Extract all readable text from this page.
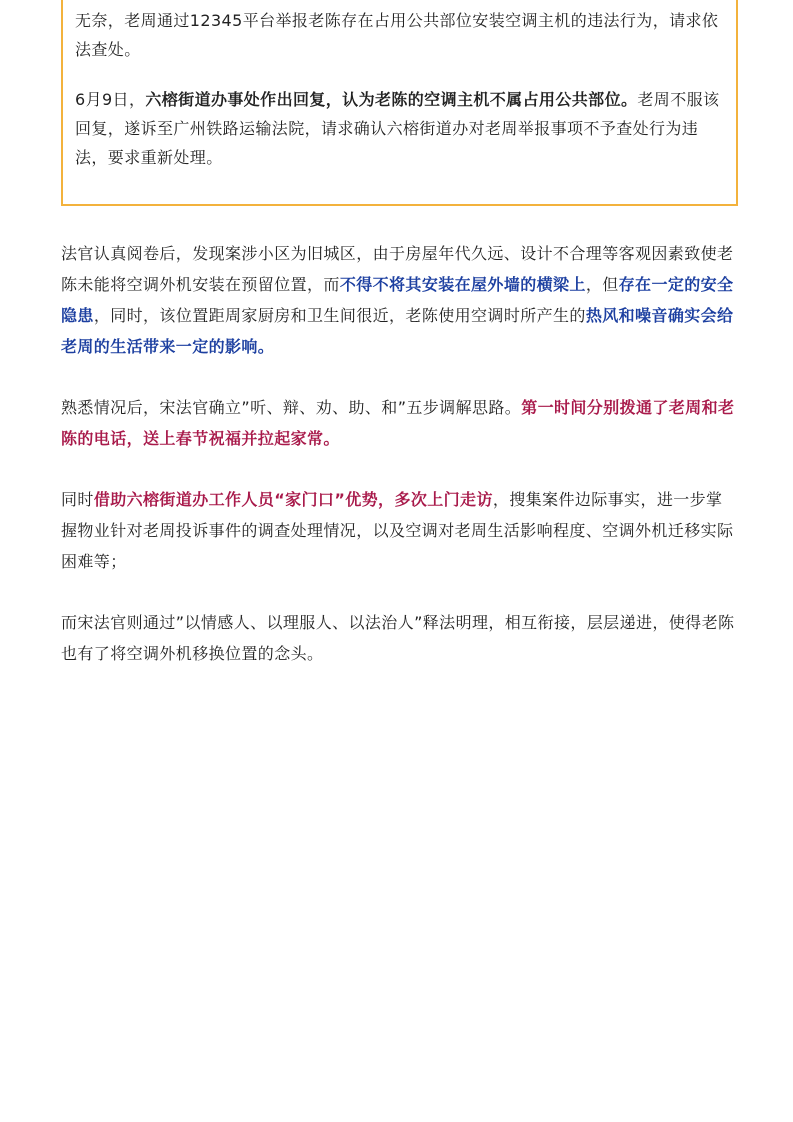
无奈，老周通过12345平台举报老陈存在占用公共部位安装空调主机的违法行为，请求依法查处。

6月9日，六榕街道办事处作出回复，认为老陈的空调主机不属占用公共部位。老周不服该回复，遂诉至广州铁路运输法院，请求确认六榕街道办对老周举报事项不予查处行为违法，要求重新处理。

法官认真阅卷后，发现案涉小区为旧城区，由于房屋年代久远、设计不合理等客观因素致使老陈未能将空调外机安装在预留位置，而不得不将其安装在屋外墙的横梁上，但存在一定的安全隐患，同时，该位置距周家厨房和卫生间很近，老陈使用空调时所产生的热风和噪音确实会给老周的生活带来一定的影响。

熟悉情况后，宋法官确立”听、辩、劝、助、和”五步调解思路。第一时间分别拨通了老周和老陈的电话，送上春节祝福并拉起家常。

同时借助六榕街道办工作人员“家门口”优势，多次上门走访，搜集案件边际事实，进一步掌握物业针对老周投诉事件的调查处理情况，以及空调对老周生活影响程度、空调外机迁移实际困难等；

而宋法官则通过”以情感人、以理服人、以法治人”释法明理，相互衔接，层层递进，使得老陈也有了将空调外机移换位置的念头。
